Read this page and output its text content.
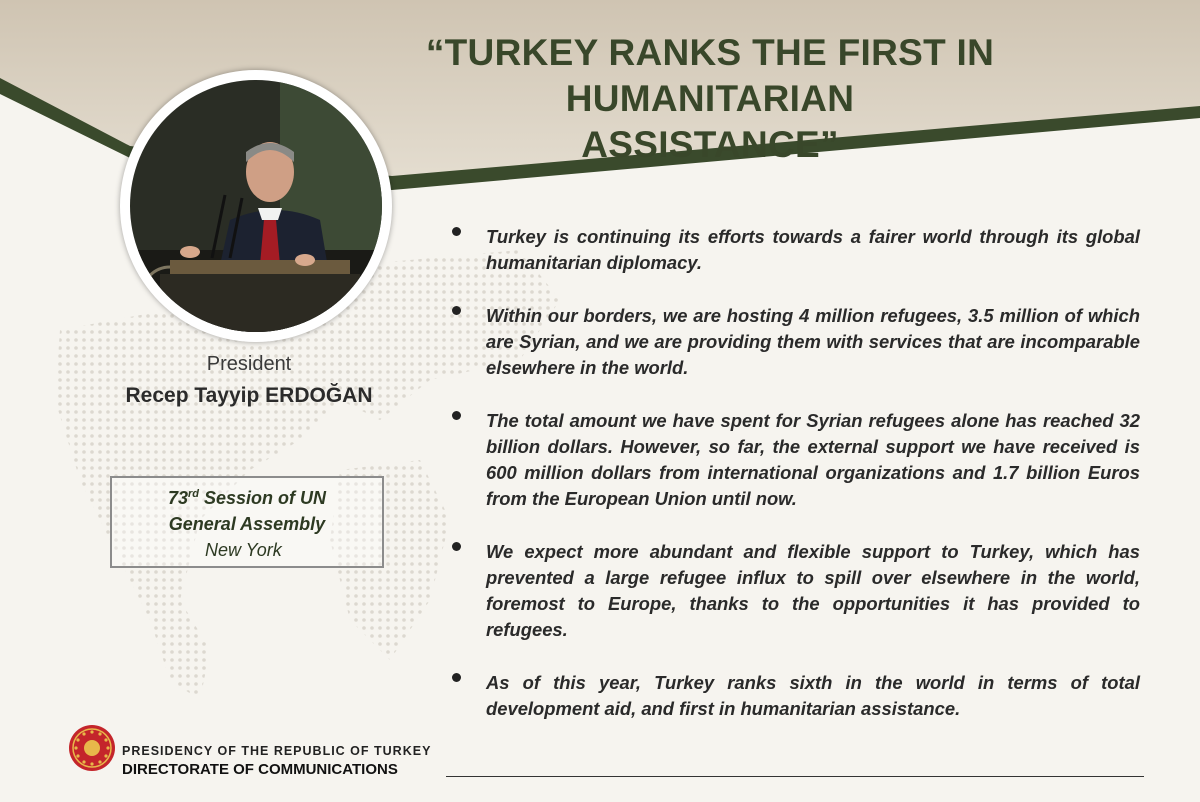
“TURKEY RANKS THE FIRST IN HUMANITARIAN
ASSISTANCE”
President
Recep Tayyip ERDOĞAN
73rd Session of UN
General Assembly
New York
Turkey is continuing its efforts towards a fairer world through its global humanitarian diplomacy.
Within our borders, we are hosting 4 million refugees, 3.5 million of which are Syrian, and we are providing them with services that are incomparable elsewhere in the world.
The total amount we have spent for Syrian refugees alone has reached 32 billion dollars. However, so far, the external support we have received is 600 million dollars from international organizations and 1.7 billion Euros from the European Union until now.
We expect more abundant and flexible support to Turkey, which has prevented a large refugee influx to spill over elsewhere in the world, foremost to Europe, thanks to the opportunities it has provided to refugees.
As of this year, Turkey ranks sixth in the world in terms of total development aid, and first in humanitarian assistance.
PRESIDENCY OF THE REPUBLIC OF TURKEY
DIRECTORATE OF COMMUNICATIONS
